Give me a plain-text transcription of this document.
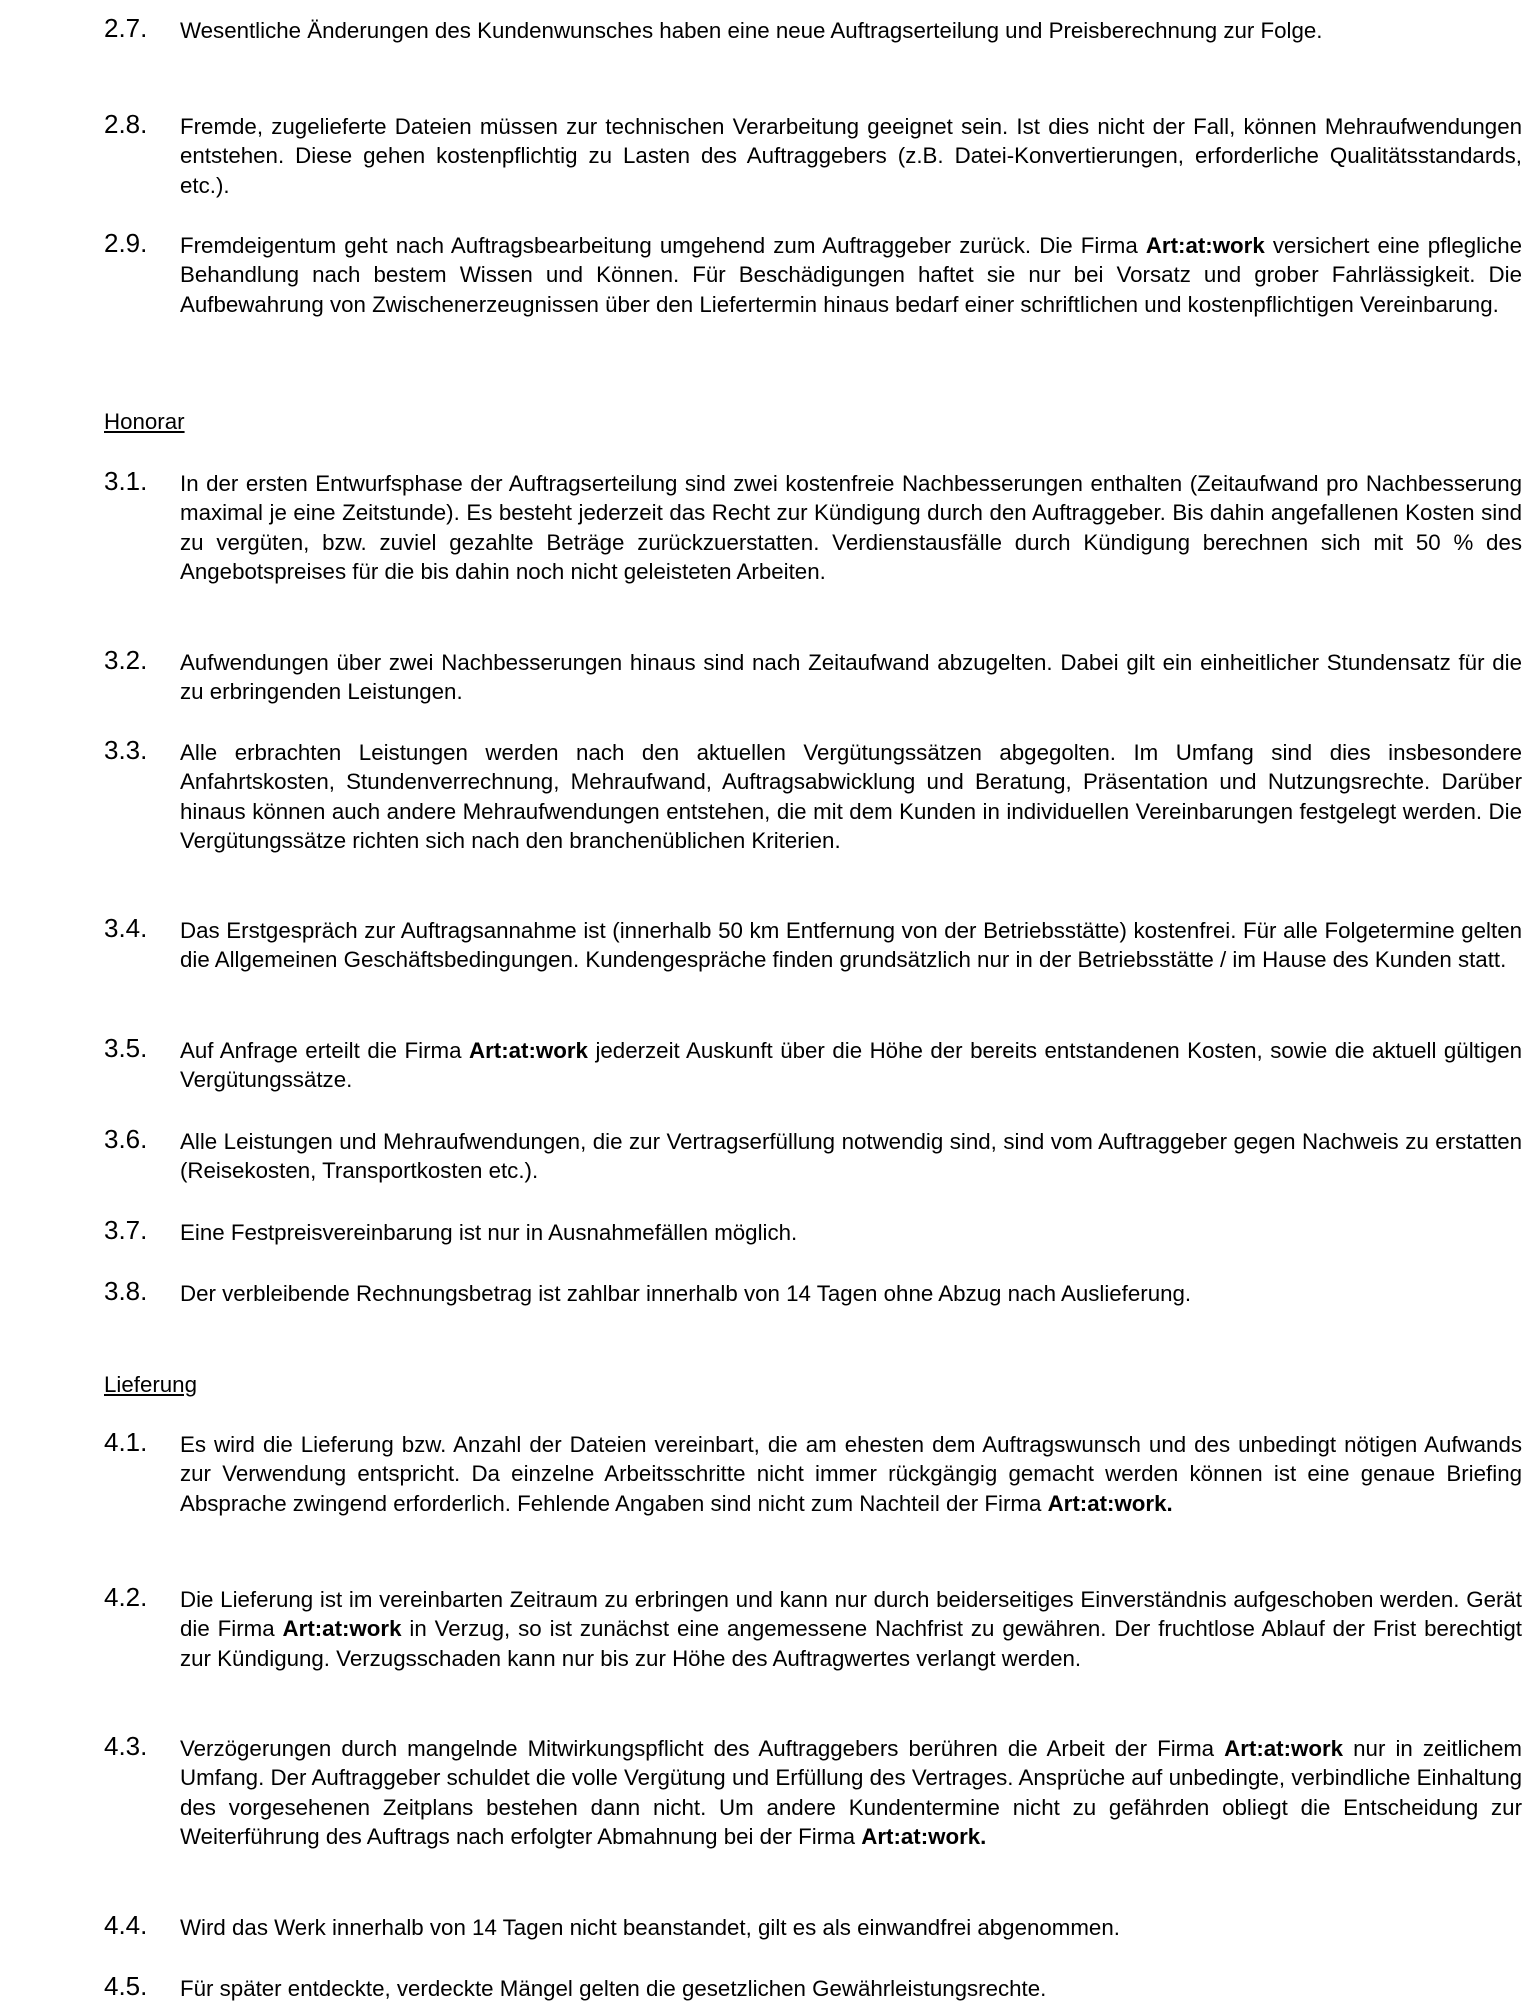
2.7.	Wesentliche Änderungen des Kundenwunsches haben eine neue Auftragserteilung und Preisberechnung zur Folge.
2.8.	Fremde, zugelieferte Dateien müssen zur technischen Verarbeitung geeignet sein. Ist dies nicht der Fall, können Mehraufwendungen entstehen. Diese gehen kostenpflichtig zu Lasten des Auftraggebers (z.B. Datei-Konvertierungen, erforderliche Qualitätsstandards, etc.).
2.9.	Fremdeigentum geht nach Auftragsbearbeitung umgehend zum Auftraggeber zurück. Die Firma Art:at:work versichert eine pflegliche Behandlung nach bestem Wissen und Können. Für Beschädigungen haftet sie nur bei Vorsatz und grober Fahrlässigkeit. Die Aufbewahrung von Zwischenerzeugnissen über den Liefertermin hinaus bedarf einer schriftlichen und kostenpflichtigen Vereinbarung.
Honorar
3.1.	In der ersten Entwurfsphase der Auftragserteilung sind zwei kostenfreie Nachbesserungen enthalten (Zeitaufwand pro Nachbesserung maximal je eine Zeitstunde). Es besteht jederzeit das Recht zur Kündigung durch den Auftraggeber. Bis dahin angefallenen Kosten sind zu vergüten, bzw. zuviel gezahlte Beträge zurückzuerstatten. Verdienstausfälle durch Kündigung berechnen sich mit 50 % des Angebotspreises für die bis dahin noch nicht geleisteten Arbeiten.
3.2.	Aufwendungen über zwei Nachbesserungen hinaus sind nach Zeitaufwand abzugelten. Dabei gilt ein einheitlicher Stundensatz für die zu erbringenden Leistungen.
3.3.	Alle erbrachten Leistungen werden nach den aktuellen Vergütungssätzen abgegolten. Im Umfang sind dies insbesondere Anfahrtskosten, Stundenverrechnung, Mehraufwand, Auftragsabwicklung und Beratung, Präsentation und Nutzungsrechte. Darüber hinaus können auch andere Mehraufwendungen entstehen, die mit dem Kunden in individuellen Vereinbarungen festgelegt werden. Die Vergütungssätze richten sich nach den branchenüblichen Kriterien.
3.4.	Das Erstgespräch zur Auftragsannahme ist (innerhalb 50 km Entfernung von der Betriebsstätte) kostenfrei. Für alle Folgetermine gelten die Allgemeinen Geschäftsbedingungen. Kundengespräche finden grundsätzlich nur in der Betriebsstätte / im Hause des Kunden statt.
3.5.	Auf Anfrage erteilt die Firma Art:at:work jederzeit Auskunft über die Höhe der bereits entstandenen Kosten, sowie die aktuell gültigen Vergütungssätze.
3.6.	Alle Leistungen und Mehraufwendungen, die zur Vertragserfüllung notwendig sind, sind vom Auftraggeber gegen Nachweis zu erstatten (Reisekosten, Transportkosten etc.).
3.7.	Eine Festpreisvereinbarung ist nur in Ausnahmefällen möglich.
3.8.	Der verbleibende Rechnungsbetrag ist zahlbar innerhalb von 14 Tagen ohne Abzug nach Auslieferung.
Lieferung
4.1.	Es wird die Lieferung bzw. Anzahl der Dateien vereinbart, die am ehesten dem Auftragswunsch und des unbedingt nötigen Aufwands zur Verwendung entspricht. Da einzelne Arbeitsschritte nicht immer rückgängig gemacht werden können ist eine genaue Briefing Absprache zwingend erforderlich. Fehlende Angaben sind nicht zum Nachteil der Firma Art:at:work.
4.2.	Die Lieferung ist im vereinbarten Zeitraum zu erbringen und kann nur durch beiderseitiges Einverständnis aufgeschoben werden. Gerät die Firma Art:at:work in Verzug, so ist zunächst eine angemessene Nachfrist zu gewähren. Der fruchtlose Ablauf der Frist berechtigt zur Kündigung. Verzugsschaden kann nur bis zur Höhe des Auftragwertes verlangt werden.
4.3.	Verzögerungen durch mangelnde Mitwirkungspflicht des Auftraggebers berühren die Arbeit der Firma Art:at:work nur in zeitlichem Umfang. Der Auftraggeber schuldet die volle Vergütung und Erfüllung des Vertrages. Ansprüche auf unbedingte, verbindliche Einhaltung des vorgesehenen Zeitplans bestehen dann nicht. Um andere Kundentermine nicht zu gefährden obliegt die Entscheidung zur Weiterführung des Auftrags nach erfolgter Abmahnung bei der Firma Art:at:work.
4.4.	Wird das Werk innerhalb von 14 Tagen nicht beanstandet, gilt es als einwandfrei abgenommen.
4.5.	Für später entdeckte, verdeckte Mängel gelten die gesetzlichen Gewährleistungsrechte.
